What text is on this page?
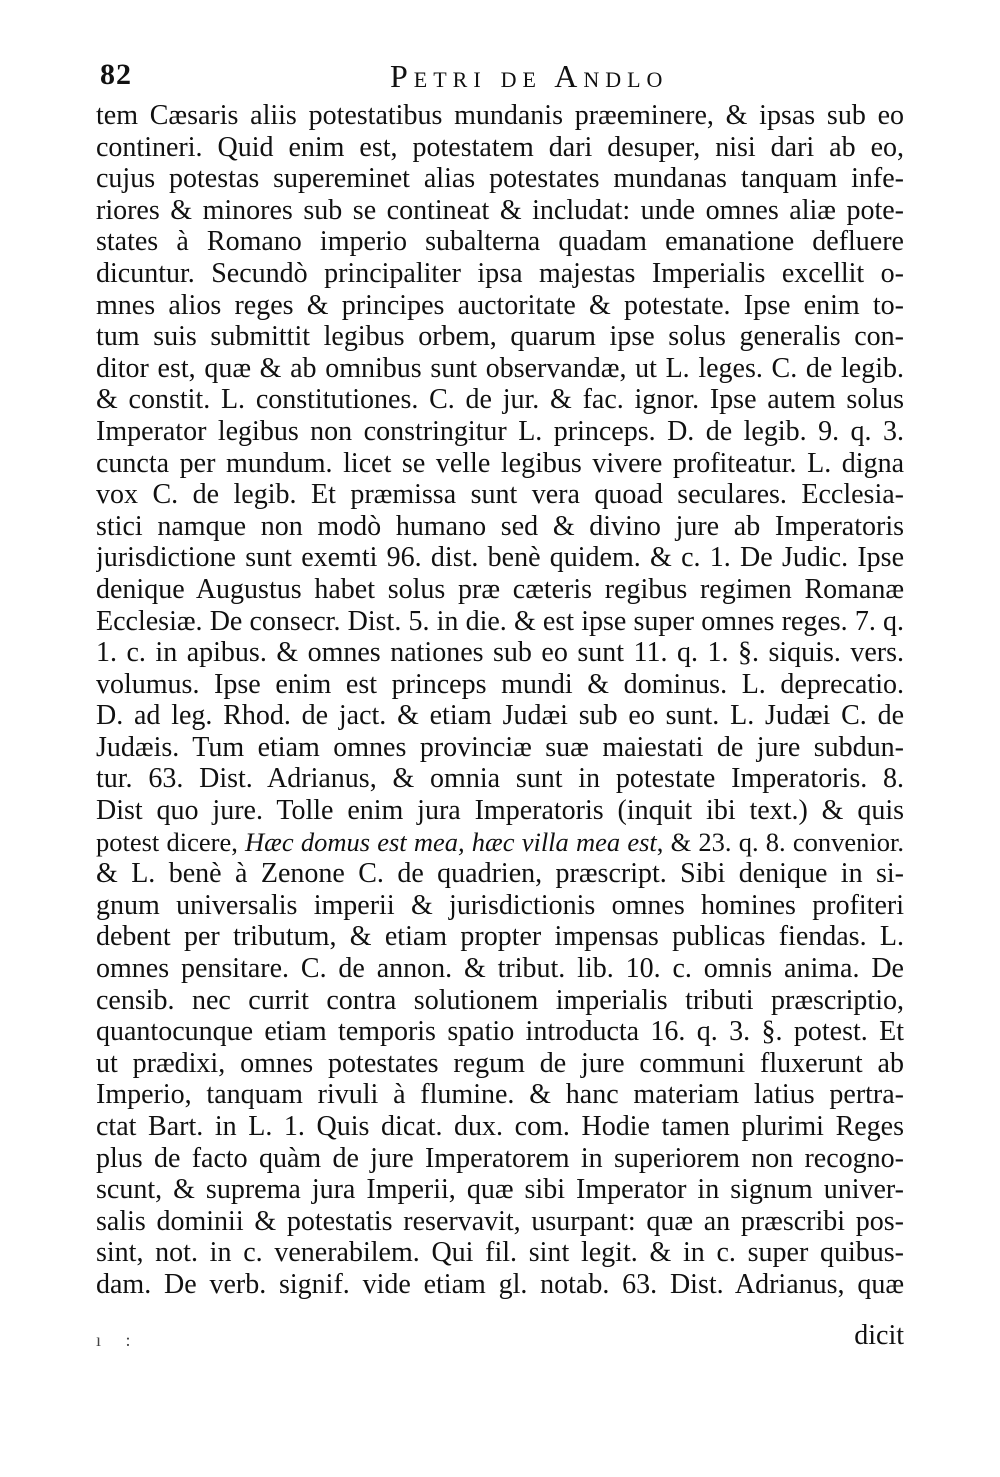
82	Petri de Andlo
tem Cæsaris aliis potestatibus mundanis præeminere, & ipsas sub eo
contineri. Quid enim est, potestatem dari desuper, nisi dari ab eo,
cujus potestas supereminet alias potestates mundanas tanquam infe-
riores & minores sub se contineat & includat: unde omnes aliæ pote-
states à Romano imperio subalterna quadam emanatione defluere
dicuntur. Secundò principaliter ipsa majestas Imperialis excellit o-
mnes alios reges & principes auctoritate & potestate. Ipse enim to-
tum suis submittit legibus orbem, quarum ipse solus generalis con-
ditor est, quæ & ab omnibus sunt observandæ, ut L. leges. C. de legib.
& constit. L. constitutiones. C. de jur. & fac. ignor. Ipse autem solus
Imperator legibus non constringitur L. princeps. D. de legib. 9. q. 3.
cuncta per mundum. licet se velle legibus vivere profiteatur. L. digna
vox C. de legib. Et præmissa sunt vera quoad seculares. Ecclesia-
stici namque non modò humano sed & divino jure ab Imperatoris
jurisdictione sunt exemti 96. dist. benè quidem. & c. 1. De Judic. Ipse
denique Augustus habet solus præ cæteris regibus regimen Romanæ
Ecclesiæ. De consecr. Dist. 5. in die. & est ipse super omnes reges. 7. q.
1. c. in apibus. & omnes nationes sub eo sunt 11. q. 1. §. siquis. vers.
volumus. Ipse enim est princeps mundi & dominus. L. deprecatio.
D. ad leg. Rhod. de jact. & etiam Judæi sub eo sunt. L. Judæi C. de
Judæis. Tum etiam omnes provinciæ suæ maiestati de jure subdun-
tur. 63. Dist. Adrianus, & omnia sunt in potestate Imperatoris. 8.
Dist quo jure. Tolle enim jura Imperatoris (inquit ibi text.) & quis
potest dicere, Hæc domus est mea, hæc villa mea est, & 23. q. 8. convenior.
& L. benè à Zenone C. de quadrien, præscript. Sibi denique in si-
gnum universalis imperii & jurisdictionis omnes homines profiteri
debent per tributum, & etiam propter impensas publicas fiendas. L.
omnes pensitare. C. de annon. & tribut. lib. 10. c. omnis anima. De
censib. nec currit contra solutionem imperialis tributi præscriptio,
quantocunque etiam temporis spatio introducta 16. q. 3. §. potest. Et
ut prædixi, omnes potestates regum de jure communi fluxerunt ab
Imperio, tanquam rivuli à flumine. & hanc materiam latius pertra-
ctat Bart. in L. 1. Quis dicat. dux. com. Hodie tamen plurimi Reges
plus de facto quàm de jure Imperatorem in superiorem non recogno-
scunt, & suprema jura Imperii, quæ sibi Imperator in signum univer-
salis dominii & potestatis reservavit, usurpant: quæ an præscribi pos-
sint, not. in c. venerabilem. Qui fil. sint legit. & in c. super quibus-
dam. De verb. signif. vide etiam gl. notab. 63. Dist. Adrianus, quæ
ı :	dicit
